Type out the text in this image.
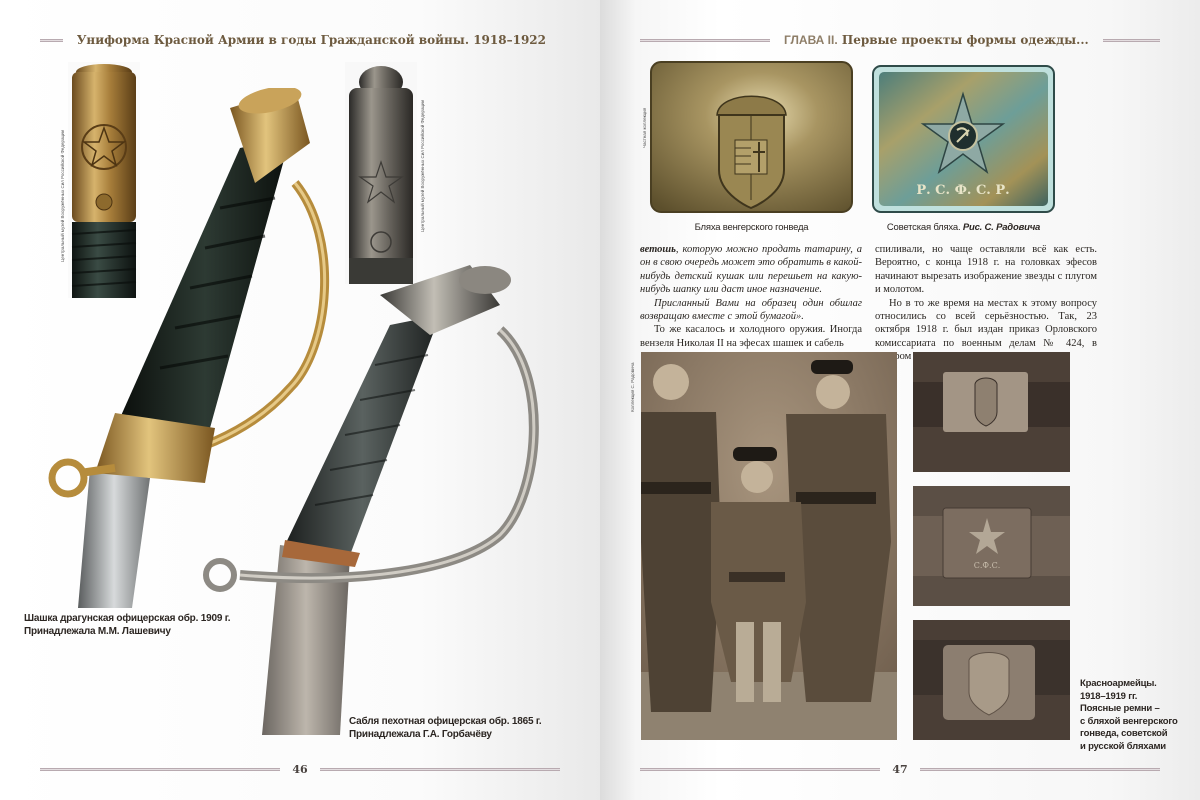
Униформа Красной Армии в годы Гражданской войны. 1918–1922
Центральный музей Вооружённых Сил Российской Федерации	Центральный музей Вооружённых Сил Российской Федерации
Шашка драгунская офицерская обр. 1909 г.
Принадлежала М.М. Лашевичу
Сабля пехотная офицерская обр. 1865 г.
Принадлежала Г.А. Горбачёву
46
ГЛАВА II. Первые проекты формы одежды...
Частная коллекция
Р. С. Ф. С. Р.
Бляха венгерского гонведа	Советская бляха. Рис. С. Радовича

ветошь, которую можно продать татарину, а он в свою очередь может это обратить в какой-нибудь детский кушак или перешьет на какую-нибудь шапку или даст иное назначение.

Присланный Вами на образец один обшлаг возвращаю вместе с этой бумагой».

То же касалось и холодного оружия. Иногда вензеля Николая II на эфесах шашек и сабель

спиливали, но чаще оставляли всё как есть. Вероятно, с конца 1918 г. на головках эфесов начинают вырезать изображение звезды с плугом и молотом.

Но в то же время на местах к этому вопросу относились со всей серьёзностью. Так, 23 октября 1918 г. был издан приказ Орловского комиссариата по военным делам № 424, в

Коллекция С. Радовича
С.Ф.С.
Красноармейцы.
1918–1919 гг.
Поясные ремни –
с бляхой венгерского
гонведа, советской
и русской бляхами
47
